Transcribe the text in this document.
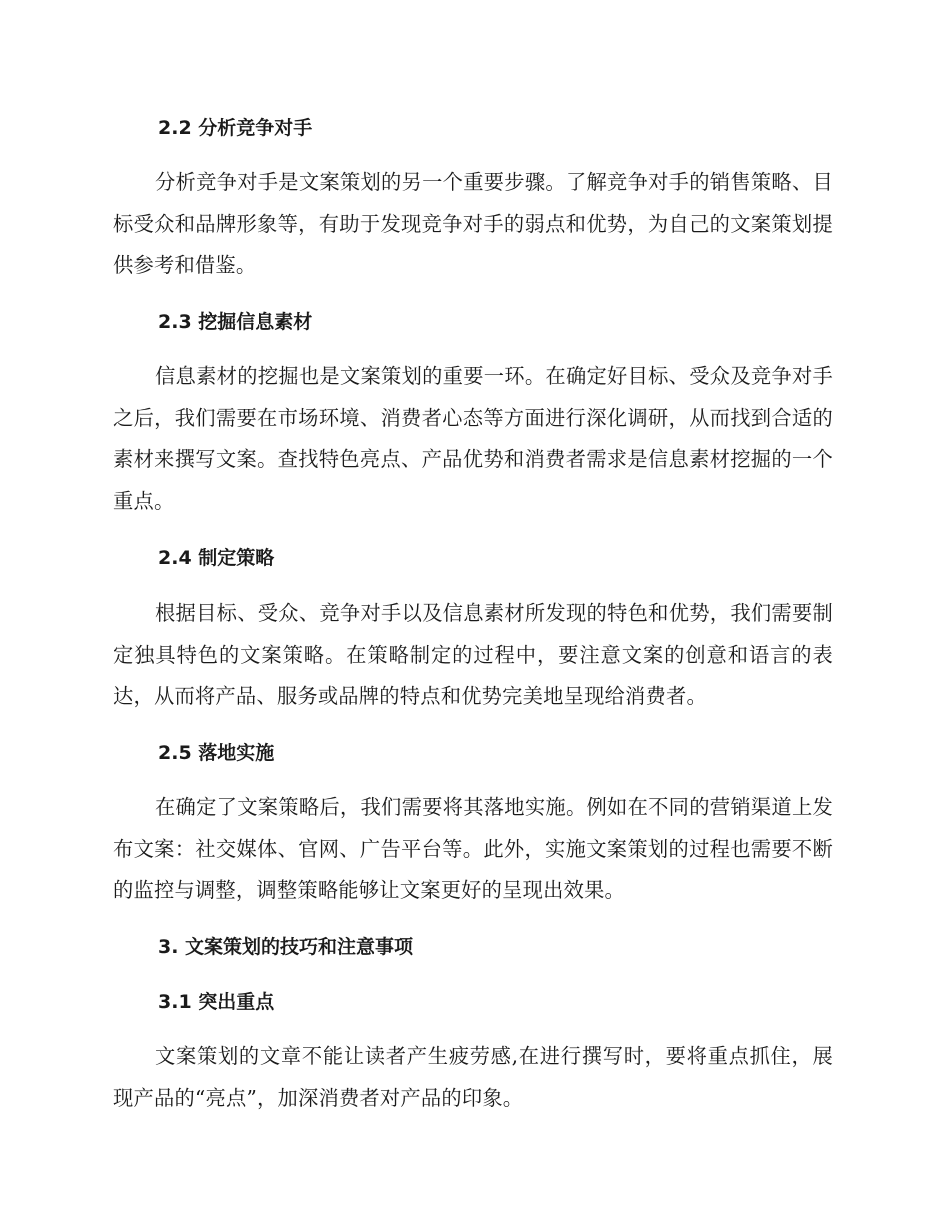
2.2 分析竞争对手
分析竞争对手是文案策划的另一个重要步骤。了解竞争对手的销售策略、目标受众和品牌形象等，有助于发现竞争对手的弱点和优势，为自己的文案策划提供参考和借鉴。
2.3 挖掘信息素材
信息素材的挖掘也是文案策划的重要一环。在确定好目标、受众及竞争对手之后，我们需要在市场环境、消费者心态等方面进行深化调研，从而找到合适的素材来撰写文案。查找特色亮点、产品优势和消费者需求是信息素材挖掘的一个重点。
2.4 制定策略
根据目标、受众、竞争对手以及信息素材所发现的特色和优势，我们需要制定独具特色的文案策略。在策略制定的过程中，要注意文案的创意和语言的表达，从而将产品、服务或品牌的特点和优势完美地呈现给消费者。
2.5 落地实施
在确定了文案策略后，我们需要将其落地实施。例如在不同的营销渠道上发布文案：社交媒体、官网、广告平台等。此外，实施文案策划的过程也需要不断的监控与调整，调整策略能够让文案更好的呈现出效果。
3. 文案策划的技巧和注意事项
3.1 突出重点
文案策划的文章不能让读者产生疲劳感,在进行撰写时，要将重点抓住，展现产品的“亮点”，加深消费者对产品的印象。
